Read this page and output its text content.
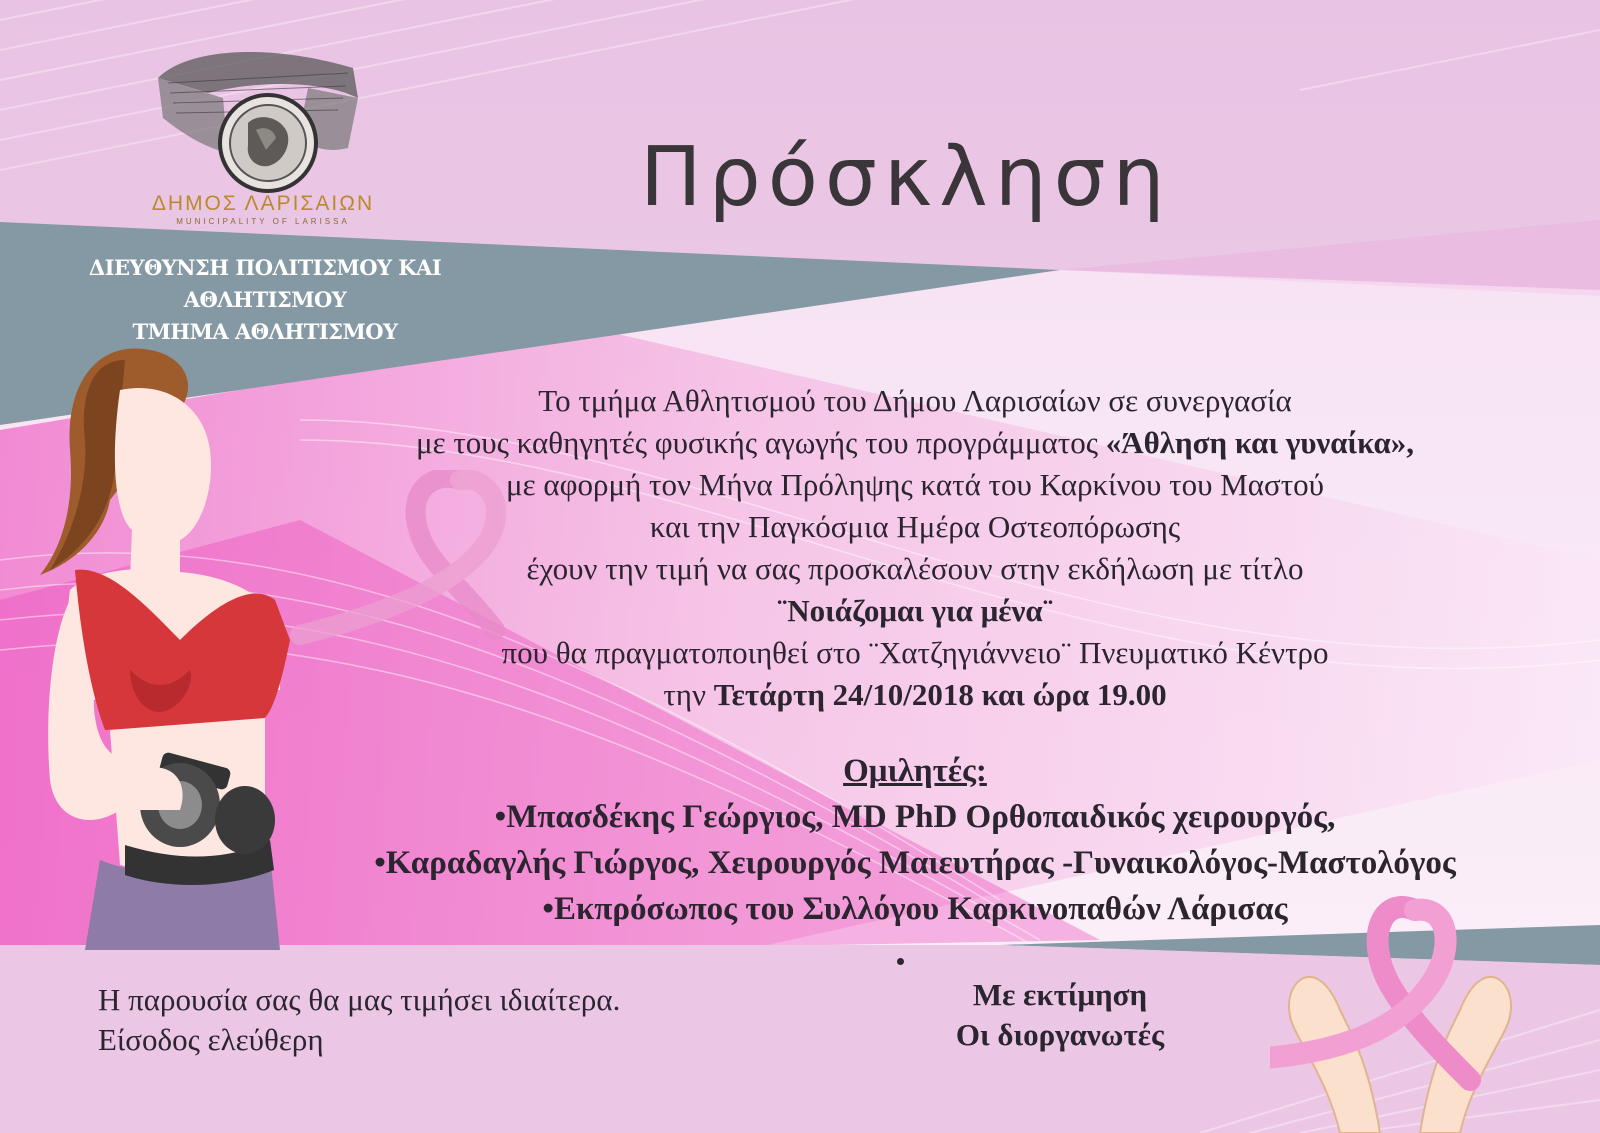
ΔΗΜΟΣ ΛΑΡΙΣΑΙΩΝ
MUNICIPALITY OF LARISSA	Πρόσκληση
ΔΙΕΥΘΥΝΣΗ ΠΟΛΙΤΙΣΜΟΥ ΚΑΙ ΑΘΛΗΤΙΣΜΟΥ
ΤΜΗΜΑ ΑΘΛΗΤΙΣΜΟΥ
Το τμήμα Αθλητισμού του Δήμου Λαρισαίων σε συνεργασία
με τους καθηγητές φυσικής αγωγής του προγράμματος «Άθληση και γυναίκα»,
με αφορμή τον Μήνα Πρόληψης κατά του Καρκίνου του Μαστού
και την Παγκόσμια Ημέρα Οστεοπόρωσης
έχουν την τιμή να σας προσκαλέσουν στην εκδήλωση με τίτλο
¨Νοιάζομαι για μένα¨
που θα πραγματοποιηθεί στο ¨Χατζηγιάννειο¨ Πνευματικό Κέντρο
την Τετάρτη 24/10/2018 και ώρα 19.00
Ομιλητές:
•Μπασδέκης Γεώργιος, MD PhD Ορθοπαιδικός χειρουργός,
•Καραδαγλής Γιώργος, Χειρουργός Μαιευτήρας -Γυναικολόγος-Μαστολόγος
•Εκπρόσωπος του Συλλόγου Καρκινοπαθών Λάρισας
Η παρουσία σας θα μας τιμήσει ιδιαίτερα.
Είσοδος ελεύθερη
Με εκτίμηση
Οι διοργανωτές
